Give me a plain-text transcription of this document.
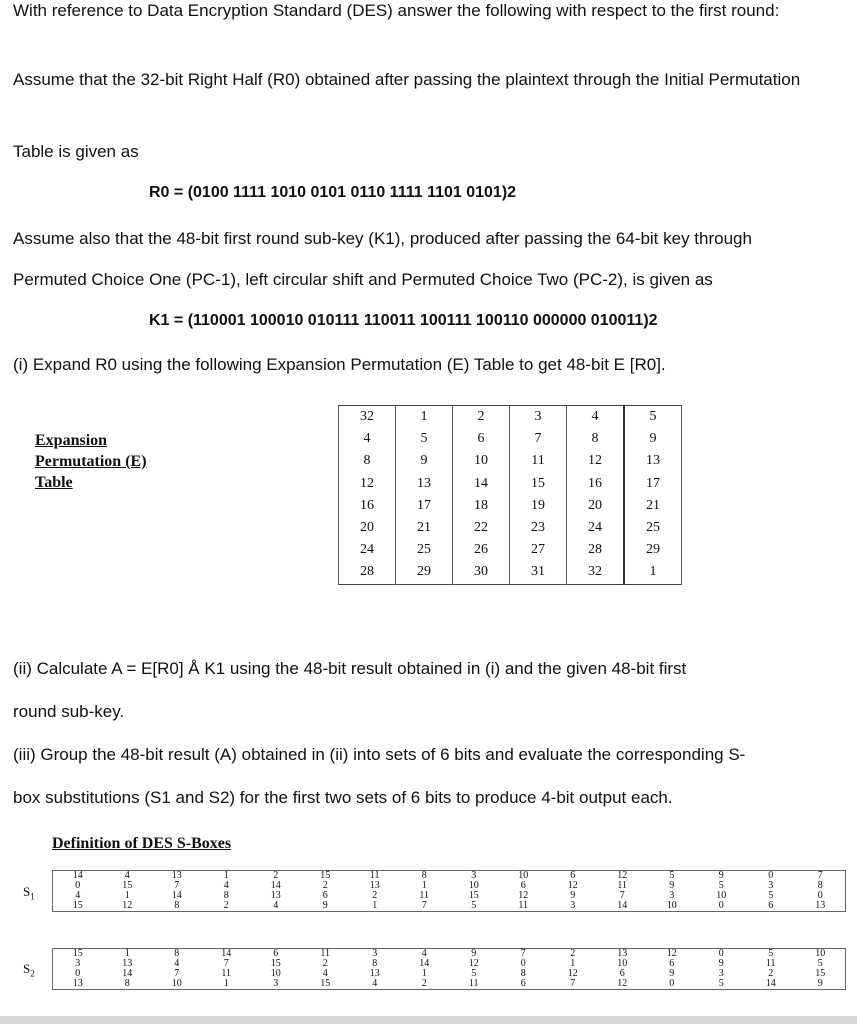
With reference to Data Encryption Standard (DES) answer the following with respect to the first round:

Assume that the 32-bit Right Half (R0) obtained after passing the plaintext through the Initial Permutation

Table is given as

R0 = (0100 1111 1010 0101 0110 1111 1101 0101)2

Assume also that the 48-bit first round sub-key (K1), produced after passing the 64-bit key through

Permuted Choice One (PC-1), left circular shift and Permuted Choice Two (PC-2), is given as

K1 = (110001 100010 010111 110011 100111 100110 000000 010011)2

(i) Expand R0 using the following Expansion Permutation (E) Table to get 48-bit E [R0].

Expansion
Permutation (E)
Table
32	1	2	3	4	5
4	5	6	7	8	9
8	9	10	11	12	13
12	13	14	15	16	17
16	17	18	19	20	21
20	21	22	23	24	25
24	25	26	27	28	29
28	29	30	31	32	1

(ii) Calculate A = E[R0] Å K1 using the 48-bit result obtained in (i) and the given 48-bit first

round sub-key.

(iii) Group the 48-bit result (A) obtained in (ii) into sets of 6 bits and evaluate the corresponding S-

box substitutions (S1 and S2) for the first two sets of 6 bits to produce 4-bit output each.

Definition of DES S-Boxes
$S_1$
14	4	13	1	2	15	11	8	3	10	6	12	5	9	0	7
0	15	7	4	14	2	13	1	10	6	12	11	9	5	3	8
4	1	14	8	13	6	2	11	15	12	9	7	3	10	5	0
15	12	8	2	4	9	1	7	5	11	3	14	10	0	6	13
$S_2$
15	1	8	14	6	11	3	4	9	7	2	13	12	0	5	10
3	13	4	7	15	2	8	14	12	0	1	10	6	9	11	5
0	14	7	11	10	4	13	1	5	8	12	6	9	3	2	15
13	8	10	1	3	15	4	2	11	6	7	12	0	5	14	9
